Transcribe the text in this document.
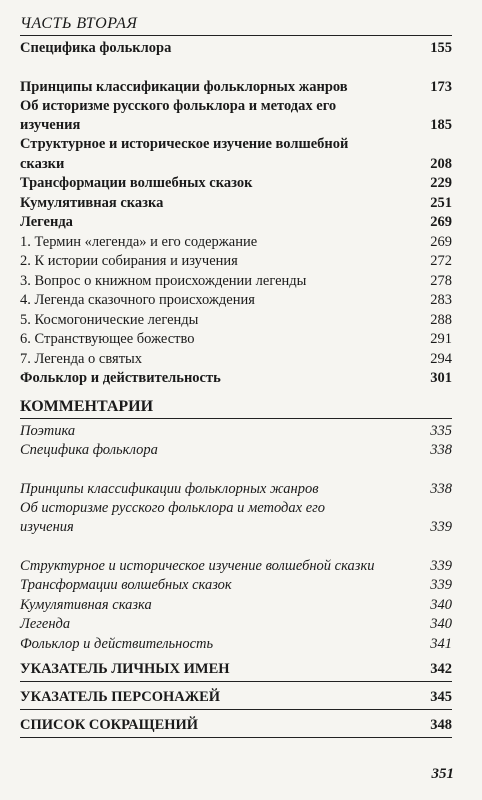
ЧАСТЬ ВТОРАЯ
Специфика фольклора	155
Принципы классификации фольклорных жанров	173
Об историзме русского фольклора и методах его изучения	185
Структурное и историческое изучение волшебной сказки	208
Трансформации волшебных сказок	229
Кумулятивная сказка	251
Легенда	269
1. Термин «легенда» и его содержание	269
2. К истории собирания и изучения	272
3. Вопрос о книжном происхождении легенды	278
4. Легенда сказочного происхождения	283
5. Космогонические легенды	288
6. Странствующее божество	291
7. Легенда о святых	294
Фольклор и действительность	301
КОММЕНТАРИИ
Поэтика	335
Специфика фольклора	338
Принципы классификации фольклорных жанров	338
Об историзме русского фольклора и методах его изучения	339
Структурное и историческое изучение волшебной сказки	339
Трансформации волшебных сказок	339
Кумулятивная сказка	340
Легенда	340
Фольклор и действительность	341
УКАЗАТЕЛЬ ЛИЧНЫХ ИМЕН	342
УКАЗАТЕЛЬ ПЕРСОНАЖЕЙ	345
СПИСОК СОКРАЩЕНИЙ	348
351
